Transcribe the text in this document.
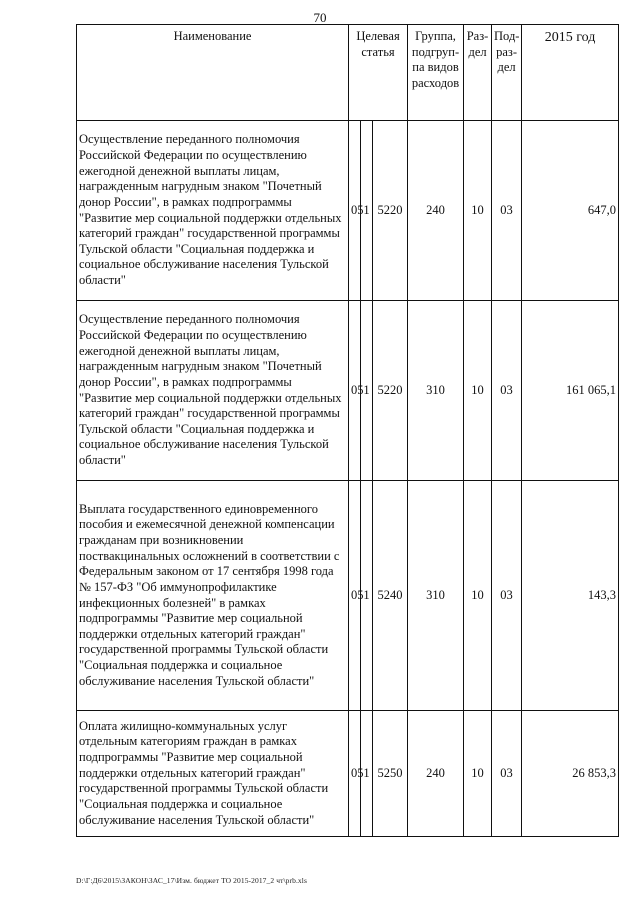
70
Наименование	Целевая статья			Группа, подгруп-па видов расходов	Раз-дел	Под-раз-дел	2015 год
Осуществление переданного полномочия Российской Федерации по осуществлению ежегодной денежной выплаты лицам, награжденным нагрудным знаком "Почетный донор России", в рамках подпрограммы "Развитие мер социальной поддержки отдельных категорий граждан" государственной программы Тульской области "Социальная поддержка и социальное обслуживание населения Тульской области"	05	1	5220	240	10	03	647,0
Осуществление переданного полномочия Российской Федерации по осуществлению ежегодной денежной выплаты лицам, награжденным нагрудным знаком "Почетный донор России", в рамках подпрограммы "Развитие мер социальной поддержки отдельных категорий граждан" государственной программы Тульской области "Социальная поддержка и социальное обслуживание населения Тульской области"	05	1	5220	310	10	03	161 065,1
Выплата государственного единовременного пособия и ежемесячной денежной компенсации гражданам при возникновении поствакцинальных осложнений в соответствии с Федеральным законом от 17 сентября 1998 года № 157-ФЗ "Об иммунопрофилактике инфекционных болезней" в рамках подпрограммы "Развитие мер социальной поддержки отдельных категорий граждан" государственной программы Тульской области "Социальная поддержка и социальное обслуживание населения Тульской области"	05	1	5240	310	10	03	143,3
Оплата жилищно-коммунальных услуг отдельным категориям граждан в рамках подпрограммы "Развитие мер социальной поддержки отдельных категорий граждан" государственной программы Тульской области "Социальная поддержка и социальное обслуживание населения Тульской области"	05	1	5250	240	10	03	26 853,3
D:\Г:Д6\2015\ЗАКОН\ЗАС_17\Изм. бюджет ТО 2015-2017_2 чт\prb.xls
